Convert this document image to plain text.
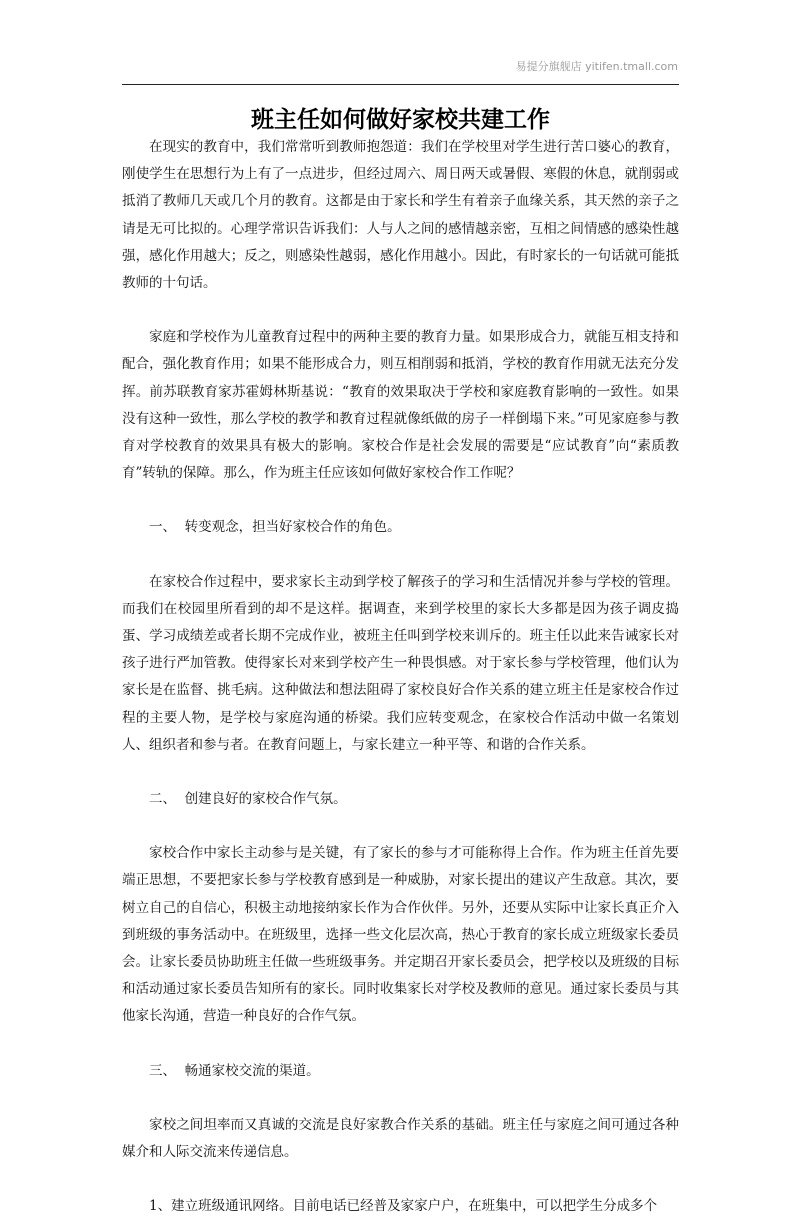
易提分旗舰店 yitifen.tmall.com
班主任如何做好家校共建工作

在现实的教育中，我们常常听到教师抱怨道：我们在学校里对学生进行苦口婆心的教育，刚使学生在思想行为上有了一点进步，但经过周六、周日两天或暑假、寒假的休息，就削弱或抵消了教师几天或几个月的教育。这都是由于家长和学生有着亲子血缘关系，其天然的亲子之请是无可比拟的。心理学常识告诉我们：人与人之间的感情越亲密，互相之间情感的感染性越强，感化作用越大；反之，则感染性越弱，感化作用越小。因此，有时家长的一句话就可能抵教师的十句话。

家庭和学校作为儿童教育过程中的两种主要的教育力量。如果形成合力，就能互相支持和配合，强化教育作用；如果不能形成合力，则互相削弱和抵消，学校的教育作用就无法充分发挥。前苏联教育家苏霍姆林斯基说：“教育的效果取决于学校和家庭教育影响的一致性。如果没有这种一致性，那么学校的教学和教育过程就像纸做的房子一样倒塌下来。”可见家庭参与教育对学校教育的效果具有极大的影响。家校合作是社会发展的需要是“应试教育”向“素质教育”转轨的保障。那么，作为班主任应该如何做好家校合作工作呢？

一、  转变观念，担当好家校合作的角色。

在家校合作过程中，要求家长主动到学校了解孩子的学习和生活情况并参与学校的管理。而我们在校园里所看到的却不是这样。据调查，来到学校里的家长大多都是因为孩子调皮捣蛋、学习成绩差或者长期不完成作业，被班主任叫到学校来训斥的。班主任以此来告诫家长对孩子进行严加管教。使得家长对来到学校产生一种畏惧感。对于家长参与学校管理，他们认为家长是在监督、挑毛病。这种做法和想法阻碍了家校良好合作关系的建立班主任是家校合作过程的主要人物，是学校与家庭沟通的桥梁。我们应转变观念，在家校合作活动中做一名策划人、组织者和参与者。在教育问题上，与家长建立一种平等、和谐的合作关系。

二、  创建良好的家校合作气氛。

家校合作中家长主动参与是关键，有了家长的参与才可能称得上合作。作为班主任首先要端正思想，不要把家长参与学校教育感到是一种威胁，对家长提出的建议产生敌意。其次，要树立自己的自信心，积极主动地接纳家长作为合作伙伴。另外，还要从实际中让家长真正介入到班级的事务活动中。在班级里，选择一些文化层次高，热心于教育的家长成立班级家长委员会。让家长委员协助班主任做一些班级事务。并定期召开家长委员会，把学校以及班级的目标和活动通过家长委员告知所有的家长。同时收集家长对学校及教师的意见。通过家长委员与其他家长沟通，营造一种良好的合作气氛。

三、  畅通家校交流的渠道。

家校之间坦率而又真诚的交流是良好家教合作关系的基础。班主任与家庭之间可通过各种媒介和人际交流来传递信息。

1、建立班级通讯网络。目前电话已经普及家家户户，在班集中，可以把学生分成多个
